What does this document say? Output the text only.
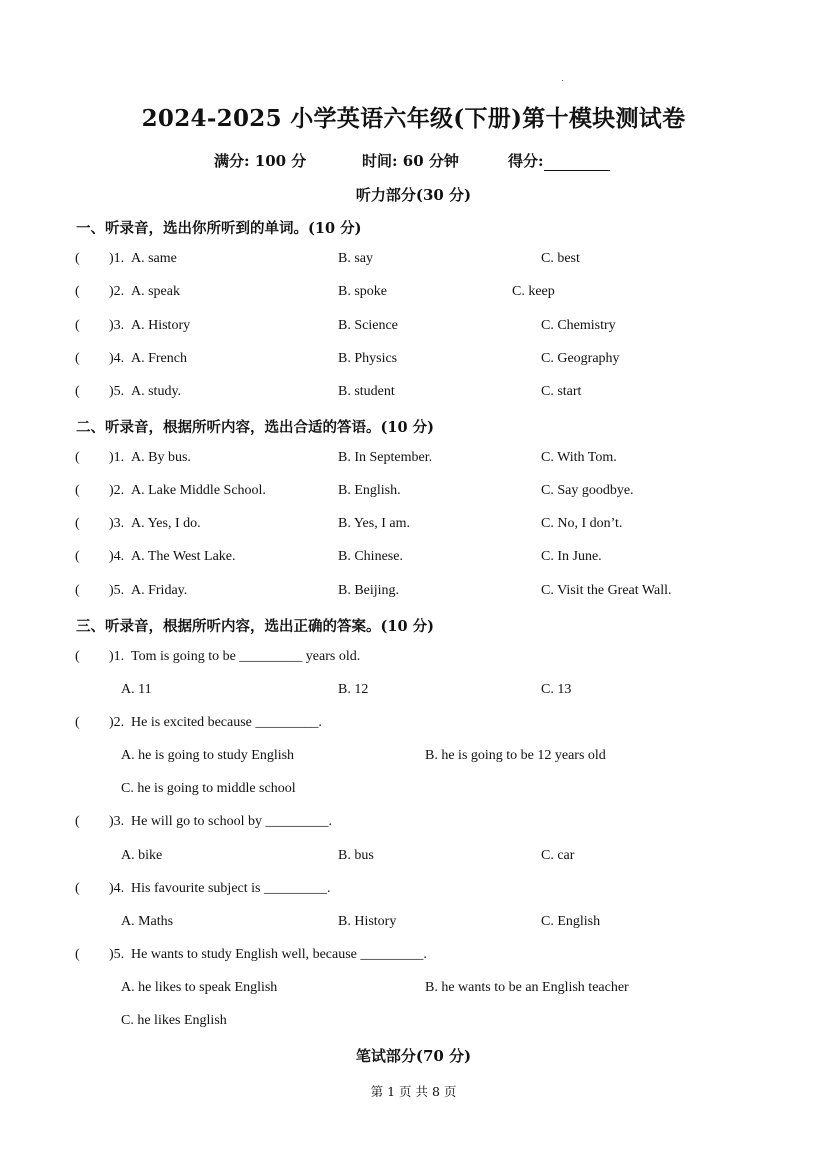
2024-2025 小学英语六年级(下册)第十模块测试卷
满分: 100 分	时间: 60 分钟	得分:
听力部分(30 分)
一、听录音，选出你所听到的单词。(10 分)
( )1. A. same	B. say	C. best
( )2. A. speak	B. spoke	C. keep
( )3. A. History	B. Science	C. Chemistry
( )4. A. French	B. Physics	C. Geography
( )5. A. study.	B. student	C. start
二、听录音，根据所听内容，选出合适的答语。(10 分)
( )1. A. By bus.	B. In September.	C. With Tom.
( )2. A. Lake Middle School.	B. English.	C. Say goodbye.
( )3. A. Yes, I do.	B. Yes, I am.	C. No, I don’t.
( )4. A. The West Lake.	B. Chinese.	C. In June.
( )5. A. Friday.	B. Beijing.	C. Visit the Great Wall.
三、听录音，根据所听内容，选出正确的答案。(10 分)
( )1. Tom is going to be _________ years old.
A. 11	B. 12	C. 13
( )2. He is excited because _________.
A. he is going to study English	B. he is going to be 12 years old
C. he is going to middle school
( )3. He will go to school by _________.
A. bike	B. bus	C. car
( )4. His favourite subject is _________.
A. Maths	B. History	C. English
( )5. He wants to study English well, because _________.
A. he likes to speak English	B. he wants to be an English teacher
C. he likes English
笔试部分(70 分)
第 1 页 共 8 页
